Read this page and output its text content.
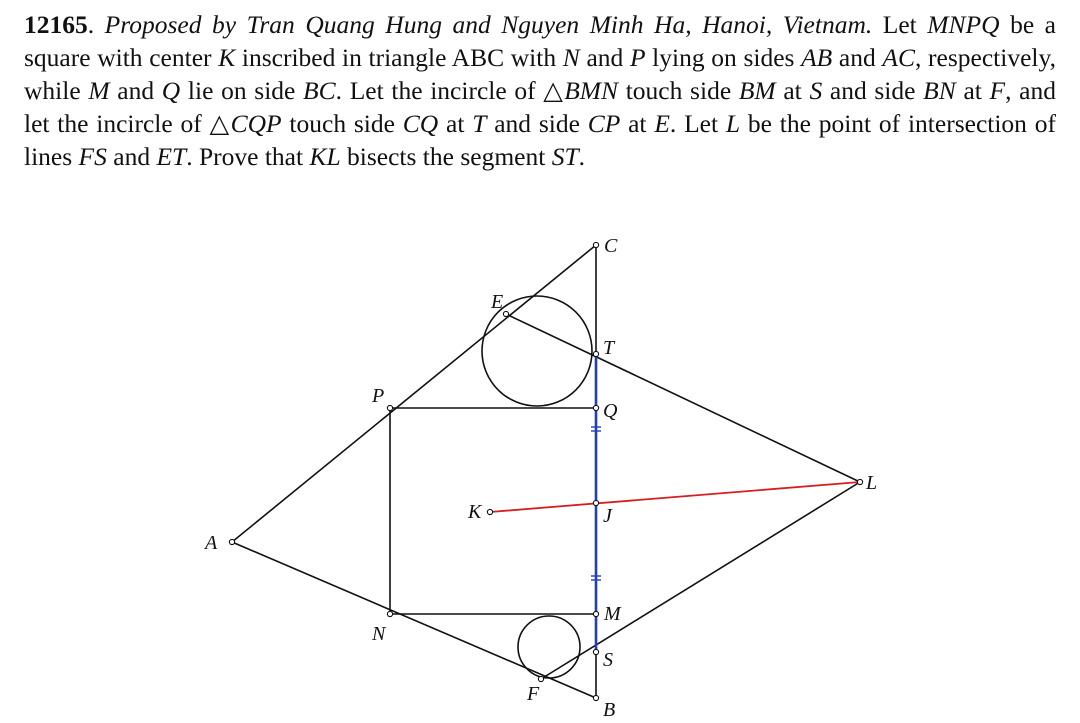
12165. Proposed by Tran Quang Hung and Nguyen Minh Ha, Hanoi, Vietnam. Let MNPQ be a square with center K inscribed in triangle ABC with N and P lying on sides AB and AC, respectively, while M and Q lie on side BC. Let the incircle of △BMN touch side BM at S and side BN at F, and let the incircle of △CQP touch side CQ at T and side CP at E. Let L be the point of intersection of lines FS and ET. Prove that KL bisects the segment ST.

A
C
E
T
P
Q
L
K	J
M
N
S
F
B
